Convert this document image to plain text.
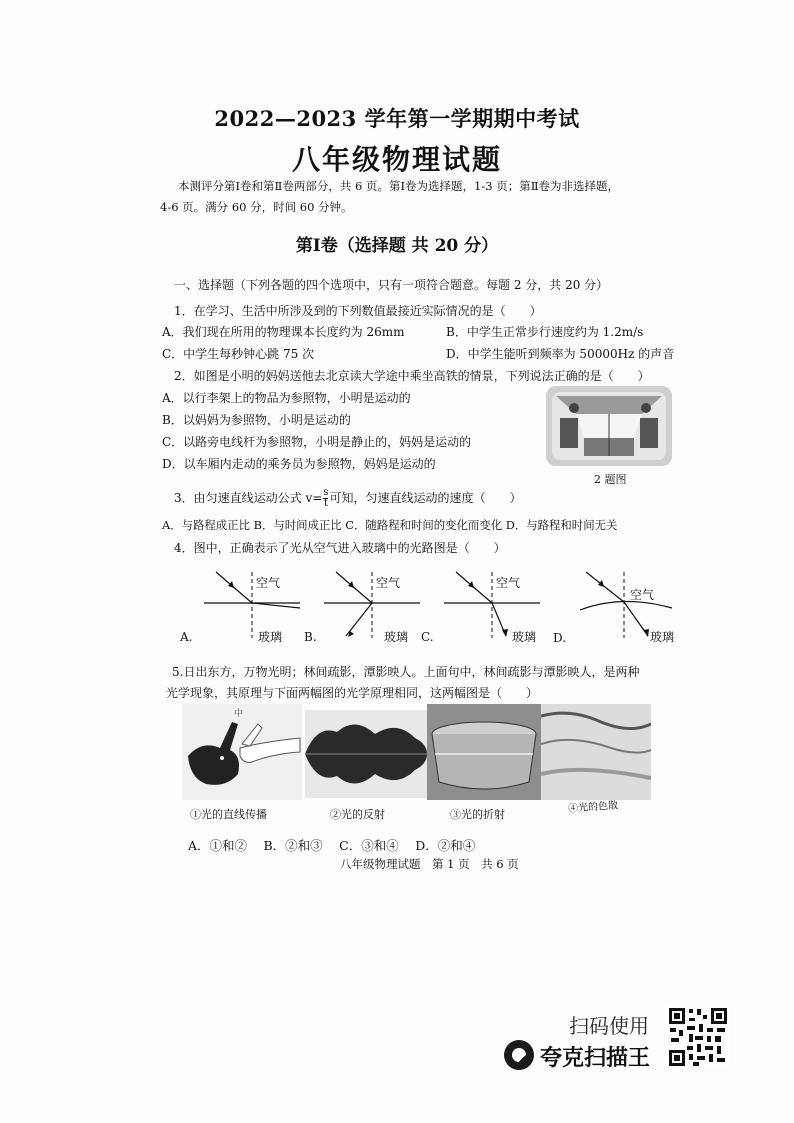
2022—2023 学年第一学期期中考试
八年级物理试题
本测评分第Ⅰ卷和第Ⅱ卷两部分，共 6 页。第Ⅰ卷为选择题，1-3 页；第Ⅱ卷为非选择题，
4-6 页。满分 60 分，时间 60 分钟。
第Ⅰ卷（选择题 共 20 分）
一、选择题（下列各题的四个选项中，只有一项符合题意。每题 2 分，共 20 分）
1．在学习、生活中所涉及到的下列数值最接近实际情况的是（　　）
A．我们现在所用的物理课本长度约为 26mm	B．中学生正常步行速度约为 1.2m/s
C．中学生每秒钟心跳 75 次	D．中学生能听到频率为 50000Hz 的声音
2．如图是小明的妈妈送他去北京读大学途中乘坐高铁的情景，下列说法正确的是（　　）
A．以行李架上的物品为参照物，小明是运动的
B．以妈妈为参照物，小明是运动的
C．以路旁电线杆为参照物，小明是静止的，妈妈是运动的
D．以车厢内走动的乘务员为参照物，妈妈是运动的
2 题图
3．由匀速直线运动公式 $v= \frac{s}{t}$ 可知，匀速直线运动的速度（　　）
A．与路程成正比 B．与时间成正比 C．随路程和时间的变化而变化 D．与路程和时间无关
4．图中，正确表示了光从空气进入玻璃中的光路图是（　　）
空气
玻璃
A.
空气
玻璃
B.
空气
玻璃
C.
空气
玻璃
D.
5.日出东方，万物光明；林间疏影，潭影映人。上面句中，林间疏影与潭影映人，是两种
光学现象，其原理与下面两幅图的光学原理相同，这两幅图是（　　）
中
①光的直线传播	②光的反射	③光的折射	④光的色散
A．①和②　 B．②和③　 C．③和④　 D．②和④
八年级物理试题　第 1 页　共 6 页
扫码使用
夸克扫描王
